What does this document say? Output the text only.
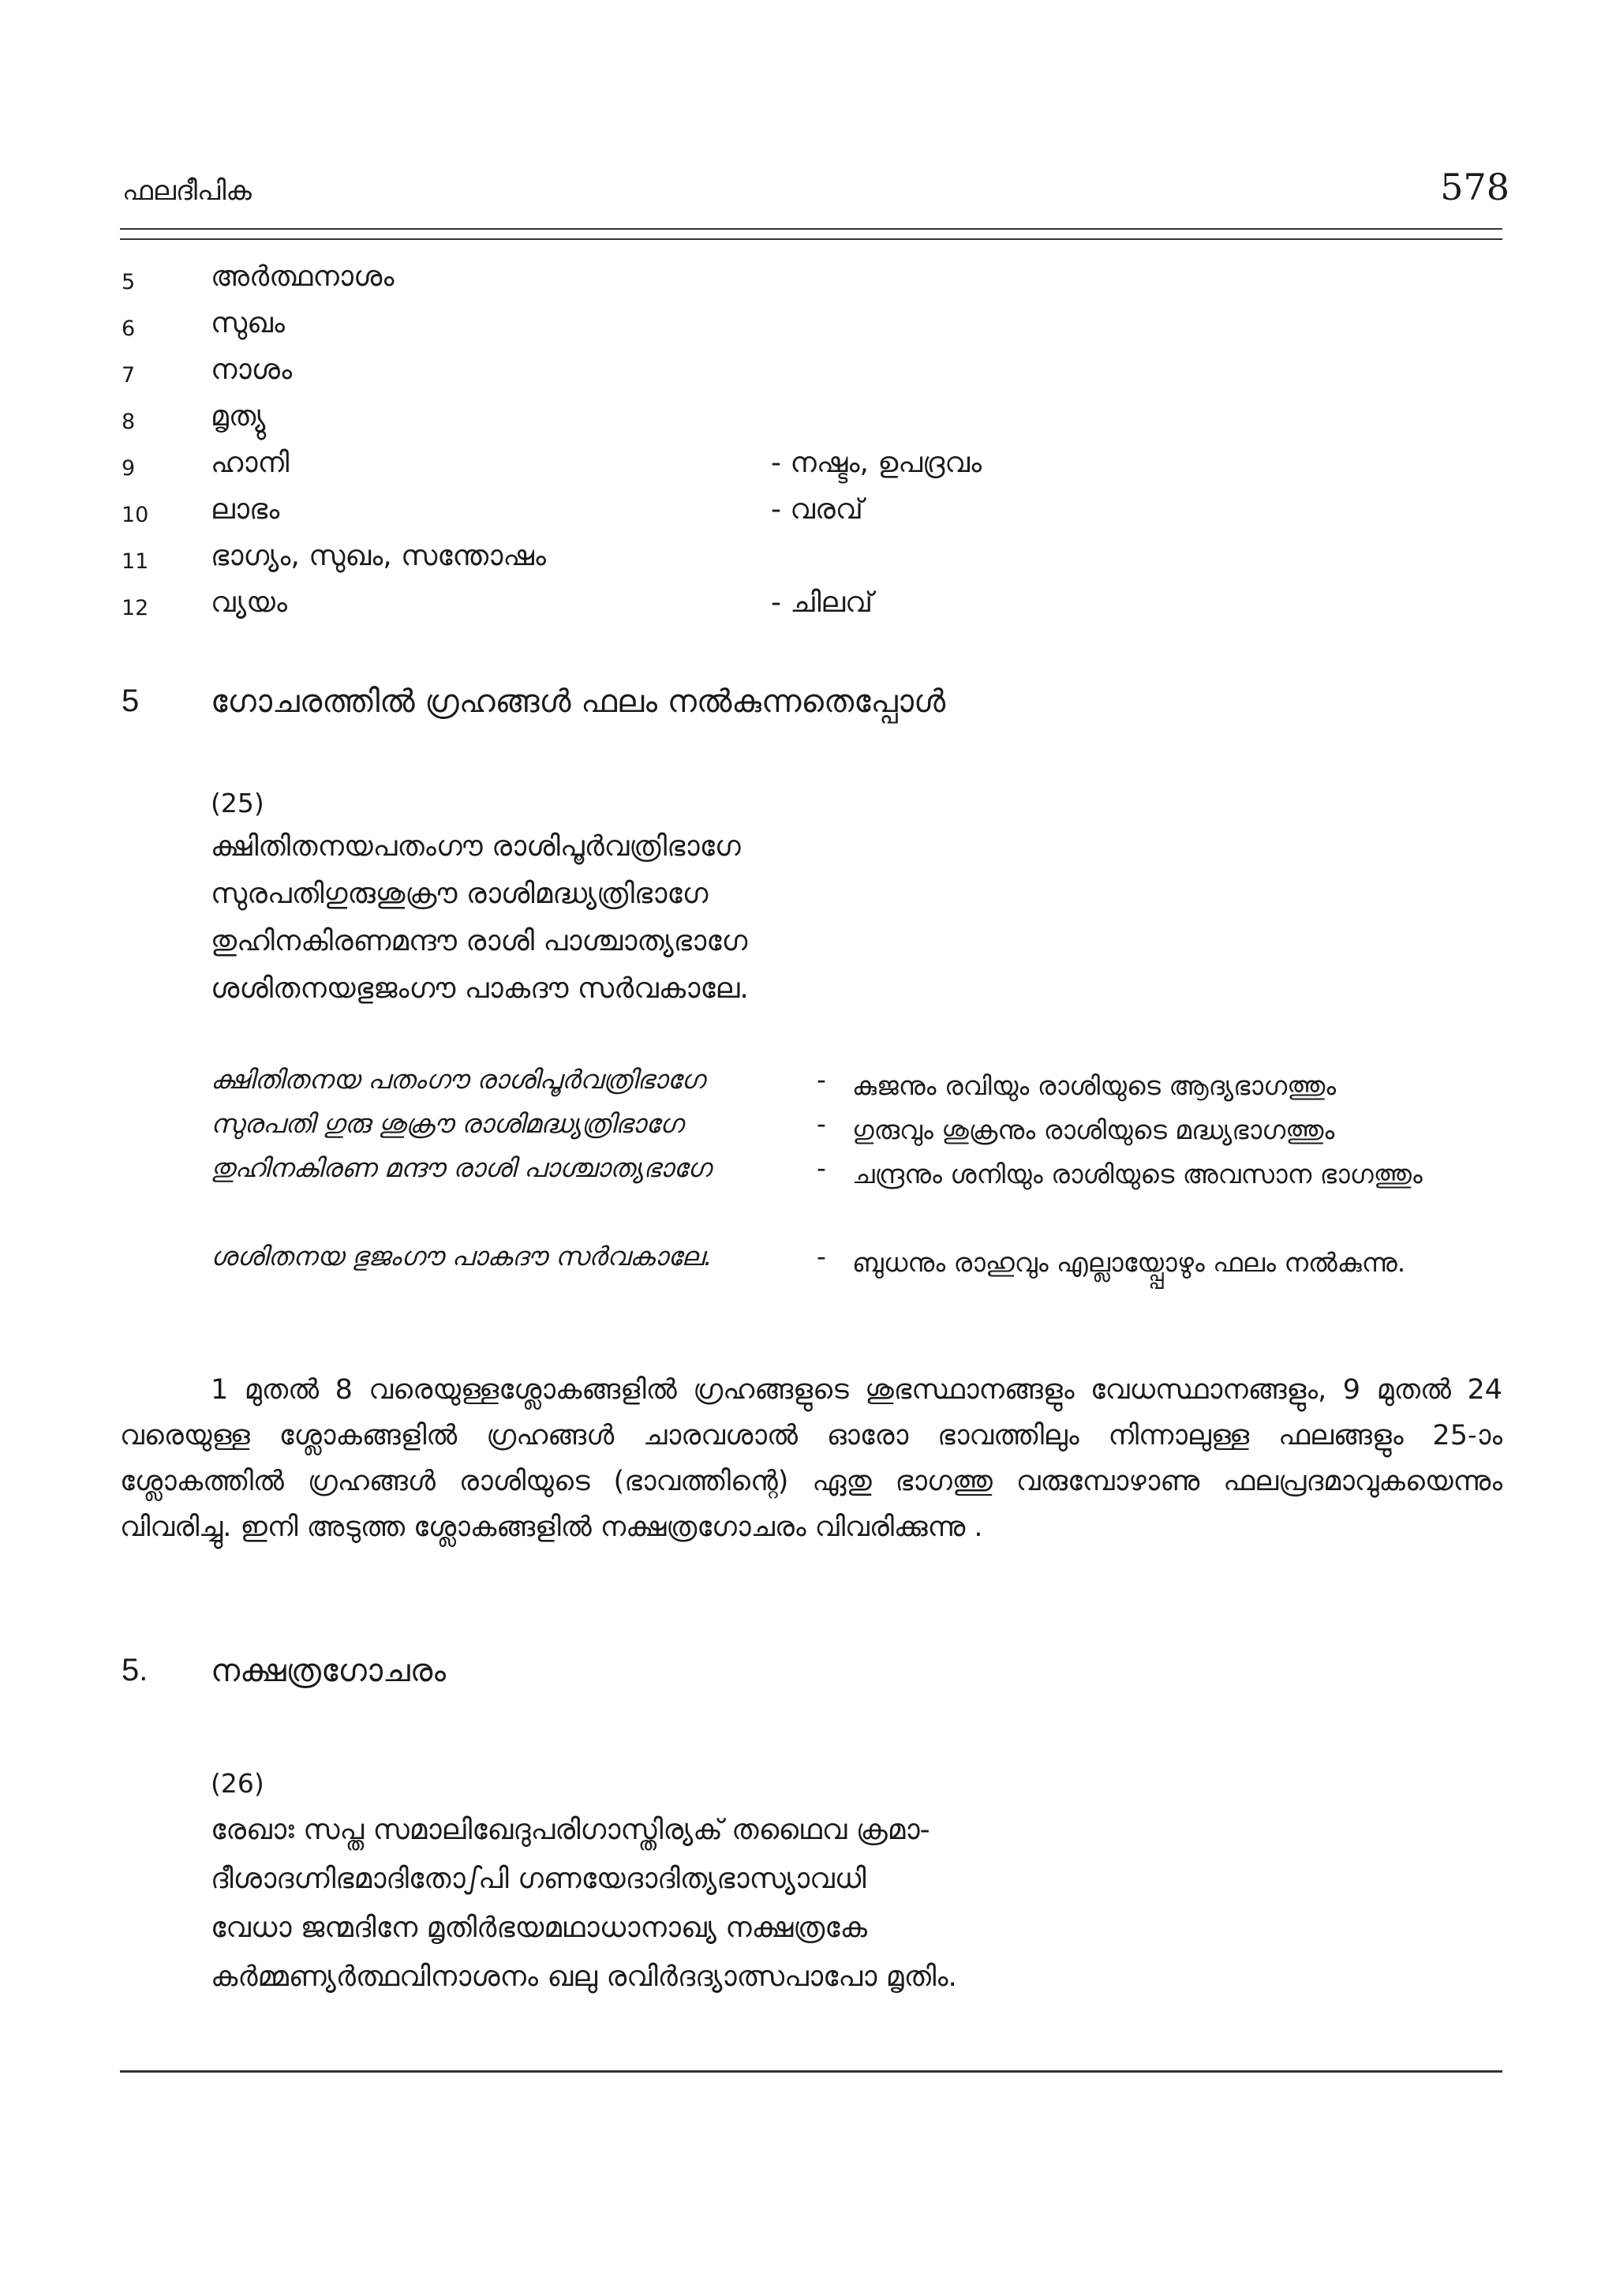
ഫലദീപിക	578
5	അർത്ഥനാശം
6	സുഖം
7	നാശം
8	മൃത്യു
9	ഹാനി	- നഷ്ടം, ഉപദ്രവം
10 ലാഭം	- വരവ്
11 ഭാഗ്യം, സുഖം, സന്തോഷം
12 വ്യയം	- ചിലവ്
5 ഗോചരത്തിൽ ഗ്രഹങ്ങൾ ഫലം നൽകുന്നതെപ്പോൾ
(25)
ക്ഷിതിതനയപതംഗൗ രാശിപൂർവത്രിഭാഗേ
സുരപതിഗുരുശുക്രൗ രാശിമദ്ധ്യത്രിഭാഗേ
തുഹിനകിരണമന്ദൗ രാശി പാശ്ചാത്യഭാഗേ
ശശിതനയഭുജംഗൗ പാകദൗ സർവകാലേ.
ക്ഷിതിതനയ പതംഗൗ രാശിപൂർവത്രിഭാഗേ	- കുജനും രവിയും രാശിയുടെ ആദ്യഭാഗത്തും
സുരപതി ഗുരു ശുക്രൗ രാശിമദ്ധ്യത്രിഭാഗേ	- ഗുരുവും ശുക്രനും രാശിയുടെ മദ്ധ്യഭാഗത്തും
തുഹിനകിരണ മന്ദൗ രാശി പാശ്ചാത്യഭാഗേ	- ചന്ദ്രനും ശനിയും രാശിയുടെ അവസാന ഭാഗത്തും
ശശിതനയ ഭുജംഗൗ പാകദൗ സർവകാലേ.	- ബുധനും രാഹുവും എല്ലായ്പ്പോഴും ഫലം നൽകുന്നു.

1 മുതൽ 8 വരെയുള്ളശ്ലോകങ്ങളിൽ ഗ്രഹങ്ങളുടെ ശുഭസ്ഥാനങ്ങളും വേധസ്ഥാനങ്ങളും, 9 മുതൽ 24 വരെയുള്ള ശ്ലോകങ്ങളിൽ ഗ്രഹങ്ങൾ ചാരവശാൽ ഓരോ ഭാവത്തിലും നിന്നാലുള്ള ഫലങ്ങളും 25-ാം ശ്ലോകത്തിൽ ഗ്രഹങ്ങൾ രാശിയുടെ (ഭാവത്തിന്റെ) ഏതു ഭാഗത്തു വരുമ്പോഴാണു ഫലപ്രദമാവുകയെന്നും വിവരിച്ചു. ഇനി അടുത്ത ശ്ലോകങ്ങളിൽ നക്ഷത്രഗോചരം വിവരിക്കുന്നു .

5. നക്ഷത്രഗോചരം
(26)
രേഖാഃ സപ്ത സമാലിഖേദുപരിഗാസ്തിര്യക് തഥൈവ ക്രമാ-
ദീശാദഗ്നിഭമാദിതോഽപി ഗണയേദാദിത്യഭാസ്യാവധി
വേധാ ജന്മദിനേ മൃതിർഭയമഥാധാനാഖ്യ നക്ഷത്രകേ
കർമ്മണ്യർത്ഥവിനാശനം ഖലു രവിർദദ്യാത്സപാപോ മൃതിം.
